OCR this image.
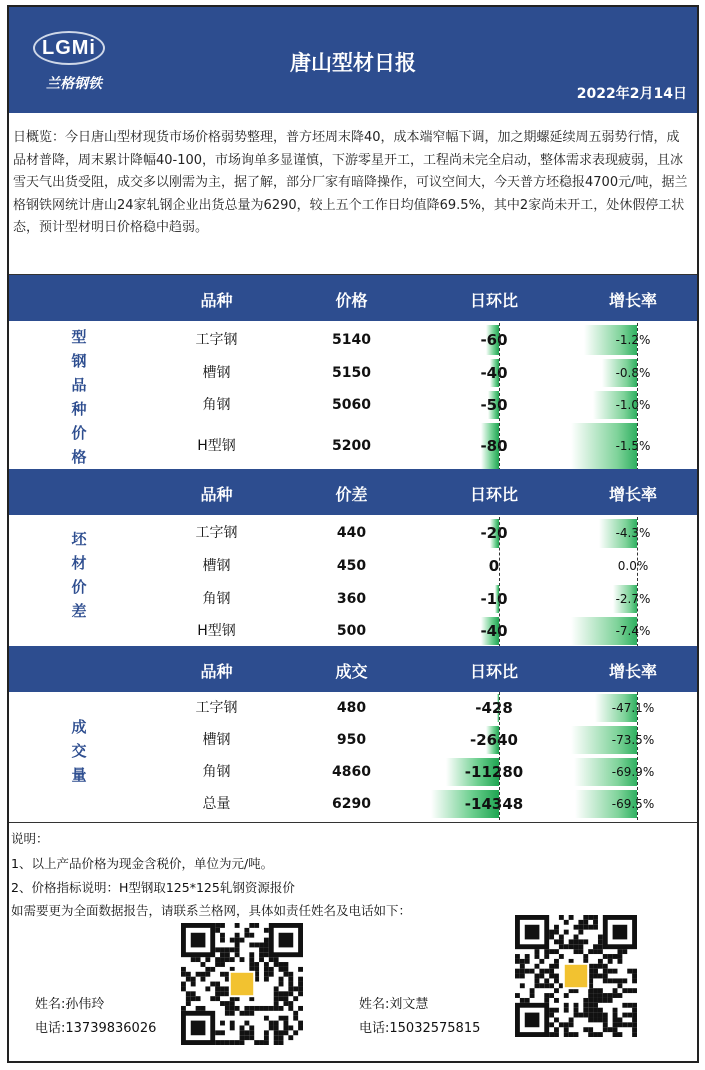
LGMi
兰格钢铁
唐山型材日报
2022年2月14日
日概览：今日唐山型材现货市场价格弱势整理，普方坯周末降40，成本端窄幅下调，加之期螺延续周五弱势行情，成品材普降，周末累计降幅40-100，市场询单多显谨慎，下游零星开工，工程尚未完全启动，整体需求表现疲弱，且冰雪天气出货受阻，成交多以刚需为主，据了解，部分厂家有暗降操作，可议空间大，今天普方坯稳报4700元/吨，据兰格钢铁网统计唐山24家轧钢企业出货总量为6290，较上五个工作日均值降69.5%，其中2家尚未开工，处休假停工状态，预计型材明日价格稳中趋弱。
品种	价格	日环比	增长率
型
钢
品
种
价
格
工字钢	5140	-60	-1.2%
槽钢	5150	-40	-0.8%
角钢	5060	-50	-1.0%
H型钢	5200	-80	-1.5%
品种	价差	日环比	增长率
坯
材
价
差
工字钢	440	-20	-4.3%
槽钢	450	0	0.0%
角钢	360	-10	-2.7%
H型钢	500	-40	-7.4%
品种	成交	日环比	增长率
成
交
量
工字钢	480	-428	-47.1%
槽钢	950	-2640	-73.5%
角钢	4860	-11280	-69.9%
总量	6290	-14348	-69.5%
说明：
1、以上产品价格为现金含税价，单位为元/吨。
2、价格指标说明：H型钢取125*125轧钢资源报价
如需要更为全面数据报告，请联系兰格网，具体如责任姓名及电话如下：
姓名:孙伟玲
电话:13739836026
姓名:刘文慧
电话:15032575815
